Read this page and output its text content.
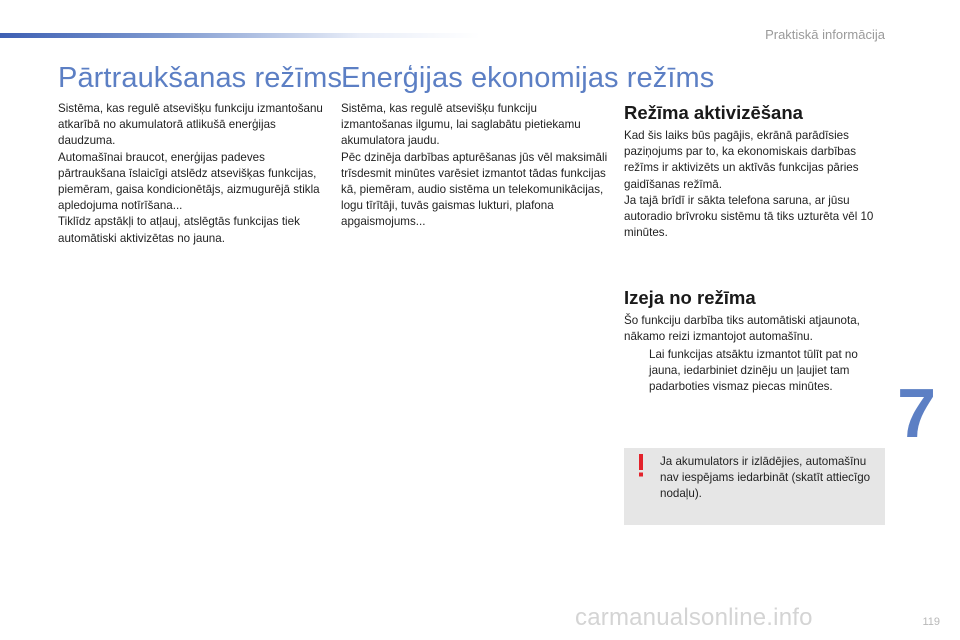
Praktiskā informācija
Pārtraukšanas režīms

Sistēma, kas regulē atsevišķu funkciju izmantošanu atkarībā no akumulatorā atlikušā enerģijas daudzuma.
Automašīnai braucot, enerģijas padeves pārtraukšana īslaicīgi atslēdz atsevišķas funkcijas, piemēram, gaisa kondicionētājs, aizmugurējā stikla apledojuma notīrīšana...
Tiklīdz apstākļi to atļauj, atslēgtās funkcijas tiek automātiski aktivizētas no jauna.

Enerģijas ekonomijas režīms

Sistēma, kas regulē atsevišķu funkciju izmantošanas ilgumu, lai saglabātu pietiekamu akumulatora jaudu.
Pēc dzinēja darbības apturēšanas jūs vēl maksimāli trīsdesmit minūtes varēsiet izmantot tādas funkcijas kā, piemēram, audio sistēma un telekomunikācijas, logu tīrītāji, tuvās gaismas lukturi, plafona apgaismojums...

Režīma aktivizēšana

Kad šis laiks būs pagājis, ekrānā parādīsies paziņojums par to, ka ekonomiskais darbības režīms ir aktivizēts un aktīvās funkcijas pāries gaidīšanas režīmā.
Ja tajā brīdī ir sākta telefona saruna, ar jūsu autoradio brīvroku sistēmu tā tiks uzturēta vēl 10 minūtes.

Izeja no režīma

Šo funkciju darbība tiks automātiski atjaunota, nākamo reizi izmantojot automašīnu.

Lai funkcijas atsāktu izmantot tūlīt pat no jauna, iedarbiniet dzinēju un ļaujiet tam padarboties vismaz piecas minūtes.

Ja akumulators ir izlādējies, automašīnu nav iespējams iedarbināt (skatīt attiecīgo nodaļu).

7
119
carmanualsonline.info
